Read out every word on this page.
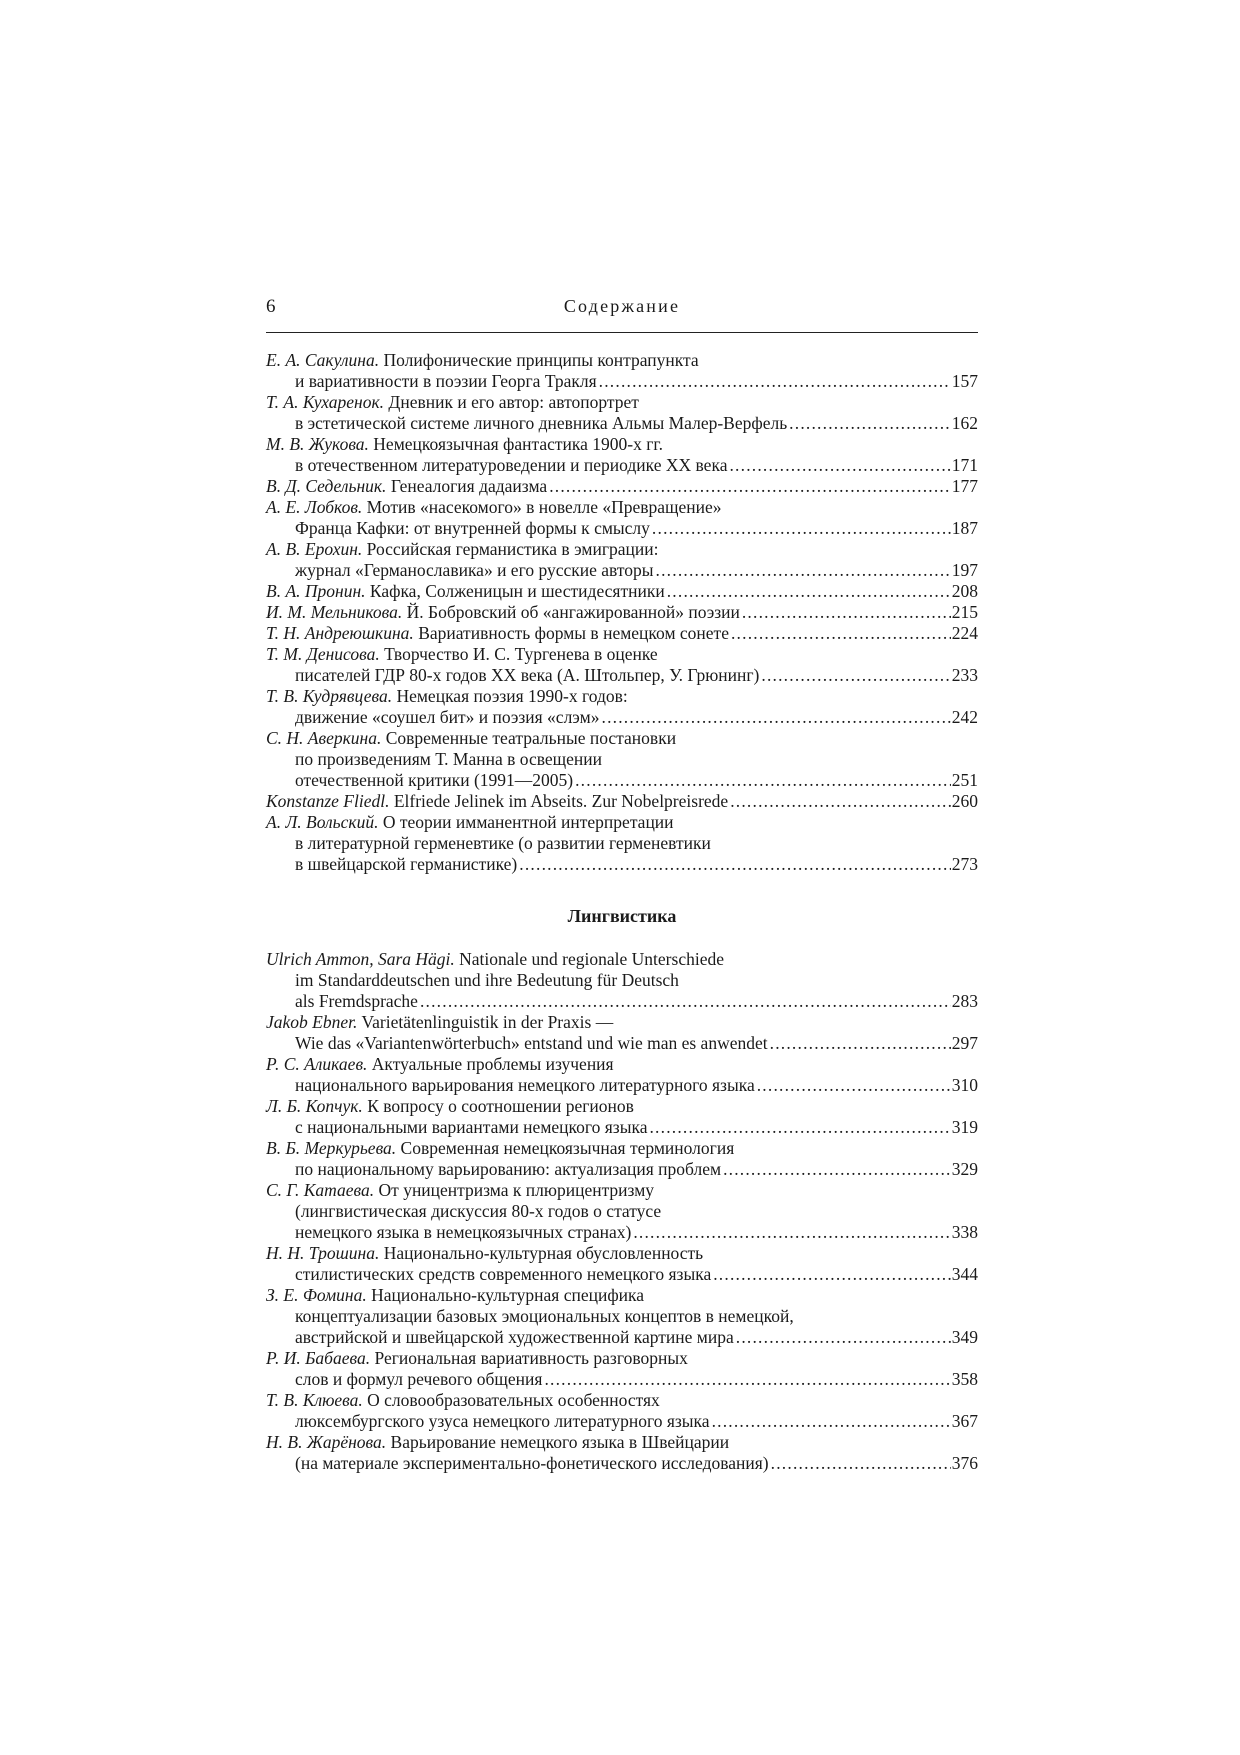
6	Содержание
Е. А. Сакулина. Полифонические принципы контрапункта
и вариативности в поэзии Георга Тракля .....	157
Т. А. Кухаренок. Дневник и его автор: автопортрет
в эстетической системе личного дневника Альмы Малер-Верфель .....	162
М. В. Жукова. Немецкоязычная фантастика 1900-х гг.
в отечественном литературоведении и периодике XX века .....	171
В. Д. Седельник. Генеалогия дадаизма .....	177
А. Е. Лобков. Мотив «насекомого» в новелле «Превращение»
Франца Кафки: от внутренней формы к смыслу .....	187
А. В. Ерохин. Российская германистика в эмиграции:
журнал «Германославика» и его русские авторы .....	197
В. А. Пронин. Кафка, Солженицын и шестидесятники .....	208
И. М. Мельникова. Й. Бобровский об «ангажированной» поэзии .....	215
Т. Н. Андреюшкина. Вариативность формы в немецком сонете .....	224
Т. М. Денисова. Творчество И. С. Тургенева в оценке
писателей ГДР 80-х годов XX века (А. Штольпер, У. Грюнинг) .....	233
Т. В. Кудрявцева. Немецкая поэзия 1990-х годов:
движение «соушел бит» и поэзия «слэм» .....	242
С. Н. Аверкина. Современные театральные постановки
по произведениям Т. Манна в освещении
отечественной критики (1991—2005) .....	251
Konstanze Fliedl. Elfriede Jelinek im Abseits. Zur Nobelpreisrede .....	260
А. Л. Вольский. О теории имманентной интерпретации
в литературной герменевтике (о развитии герменевтики
в швейцарской германистике) .....	273
Лингвистика
Ulrich Ammon, Sara Hägi. Nationale und regionale Unterschiede
im Standarddeutschen und ihre Bedeutung für Deutsch
als Fremdsprache .....	283
Jakob Ebner. Varietätenlinguistik in der Praxis —
Wie das «Variantenwörterbuch» entstand und wie man es anwendet .....	297
Р. С. Аликаев. Актуальные проблемы изучения
национального варьирования немецкого литературного языка .....	310
Л. Б. Копчук. К вопросу о соотношении регионов
с национальными вариантами немецкого языка .....	319
В. Б. Меркурьева. Современная немецкоязычная терминология
по национальному варьированию: актуализация проблем .....	329
С. Г. Катаева. От уницентризма к плюрицентризму
(лингвистическая дискуссия 80-х годов о статусе
немецкого языка в немецкоязычных странах) .....	338
Н. Н. Трошина. Национально-культурная обусловленность
стилистических средств современного немецкого языка .....	344
З. Е. Фомина. Национально-культурная специфика
концептуализации базовых эмоциональных концептов в немецкой,
австрийской и швейцарской художественной картине мира .....	349
Р. И. Бабаева. Региональная вариативность разговорных
слов и формул речевого общения .....	358
Т. В. Клюева. О словообразовательных особенностях
люксембургского узуса немецкого литературного языка .....	367
Н. В. Жарёнова. Варьирование немецкого языка в Швейцарии
(на материале экспериментально-фонетического исследования) .....	376
